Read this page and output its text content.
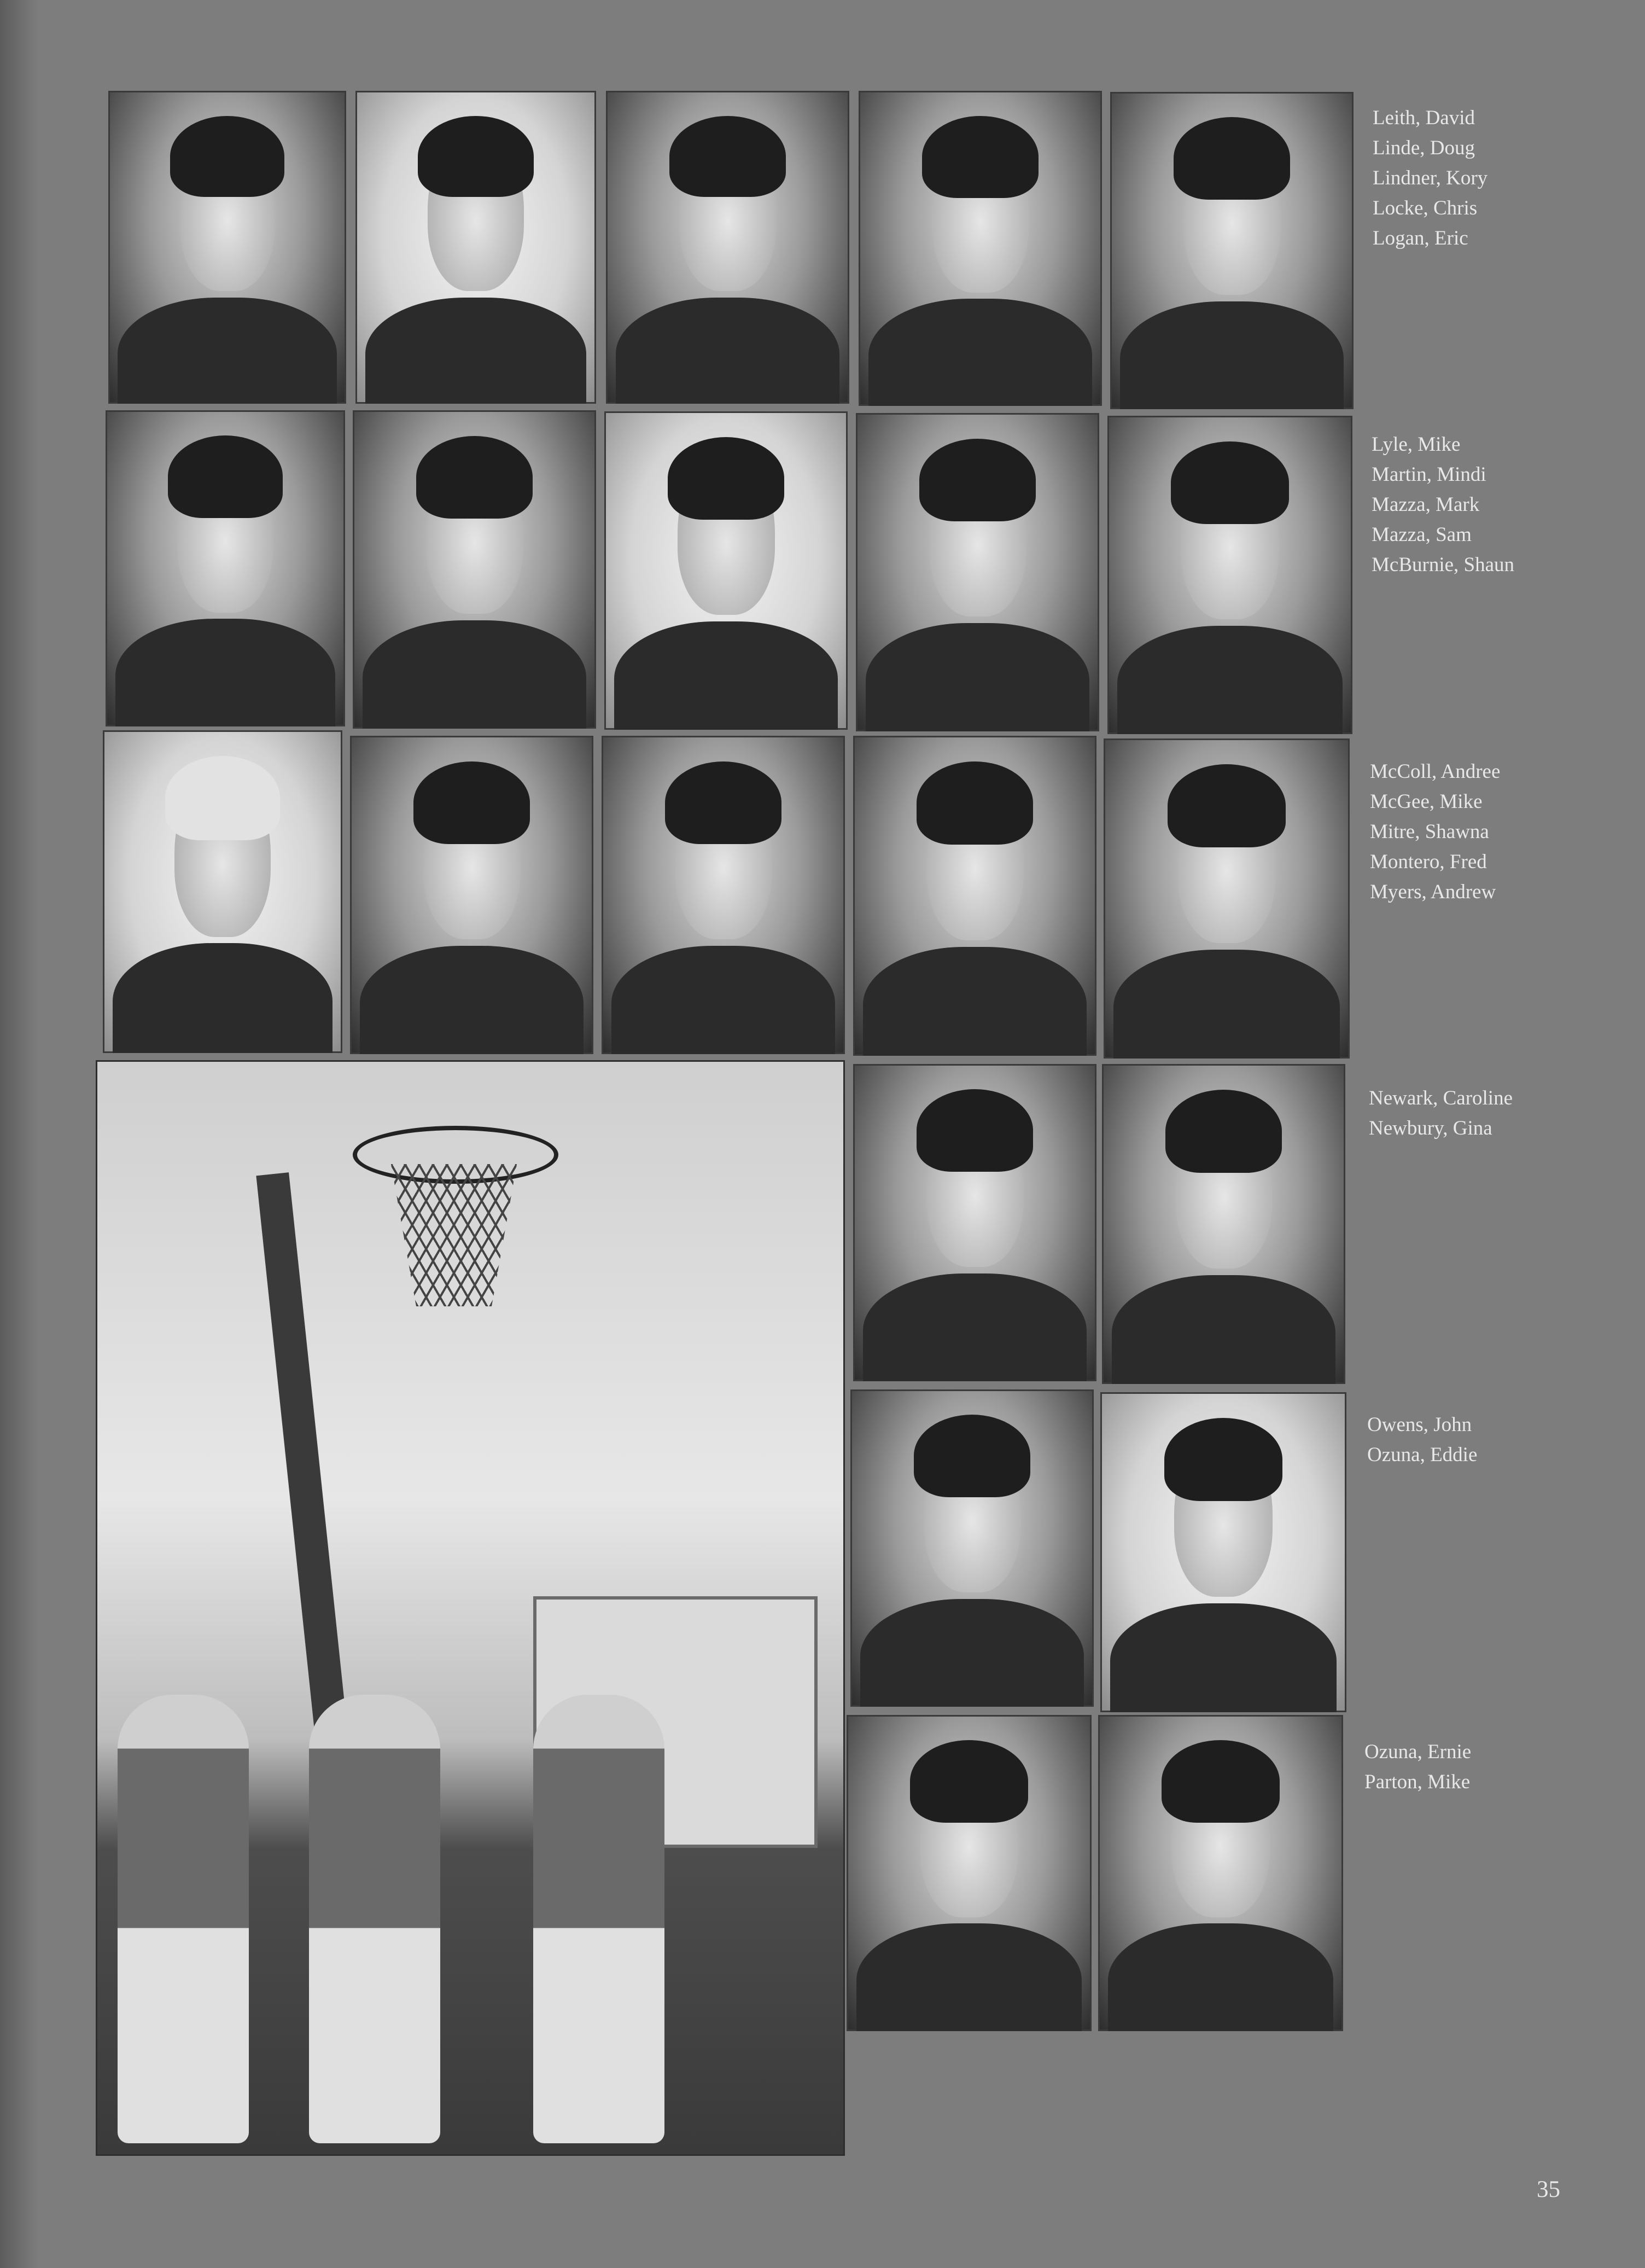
Leith, David
Linde, Doug
Lindner, Kory
Locke, Chris
Logan, Eric
Lyle, Mike
Martin, Mindi
Mazza, Mark
Mazza, Sam
McBurnie, Shaun
McColl, Andree
McGee, Mike
Mitre, Shawna
Montero, Fred
Myers, Andrew
Newark, Caroline
Newbury, Gina
Owens, John
Ozuna, Eddie
Ozuna, Ernie
Parton, Mike
35
